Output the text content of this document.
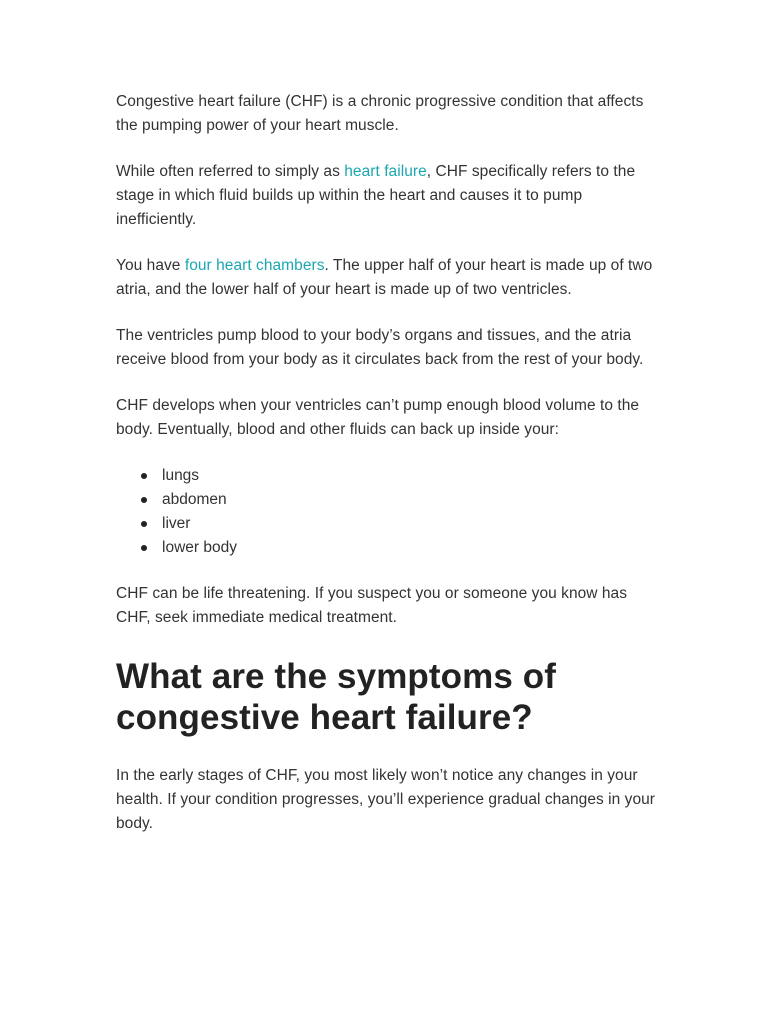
Congestive heart failure (CHF) is a chronic progressive condition that affects the pumping power of your heart muscle.

While often referred to simply as heart failure, CHF specifically refers to the stage in which fluid builds up within the heart and causes it to pump inefficiently.

You have four heart chambers. The upper half of your heart is made up of two atria, and the lower half of your heart is made up of two ventricles.

The ventricles pump blood to your body’s organs and tissues, and the atria receive blood from your body as it circulates back from the rest of your body.

CHF develops when your ventricles can’t pump enough blood volume to the body. Eventually, blood and other fluids can back up inside your:

lungs
abdomen
liver
lower body

CHF can be life threatening. If you suspect you or someone you know has CHF, seek immediate medical treatment.

What are the symptoms of congestive heart failure?

In the early stages of CHF, you most likely won’t notice any changes in your health. If your condition progresses, you’ll experience gradual changes in your body.
